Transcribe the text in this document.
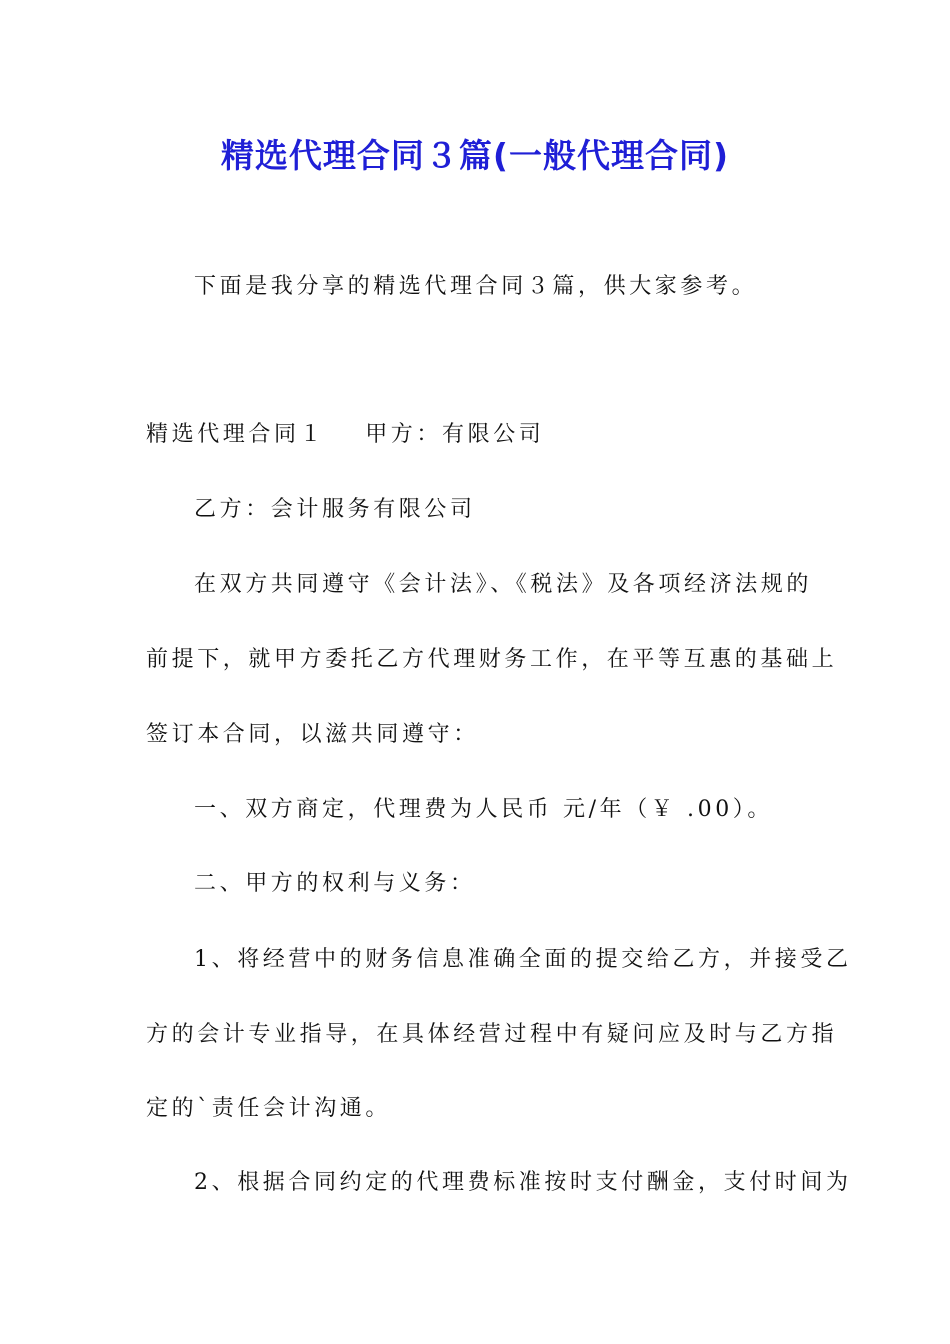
精选代理合同３篇(一般代理合同)
下面是我分享的精选代理合同３篇，供大家参考。
精选代理合同１ 甲方：有限公司
乙方：会计服务有限公司
在双方共同遵守《会计法》、《税法》及各项经济法规的
前提下，就甲方委托乙方代理财务工作，在平等互惠的基础上
签订本合同，以滋共同遵守：
一、双方商定，代理费为人民币 元/年（￥ .00）。
二、甲方的权利与义务：
1、将经营中的财务信息准确全面的提交给乙方，并接受乙
方的会计专业指导，在具体经营过程中有疑问应及时与乙方指
定的`责任会计沟通。
2、根据合同约定的代理费标准按时支付酬金，支付时间为
